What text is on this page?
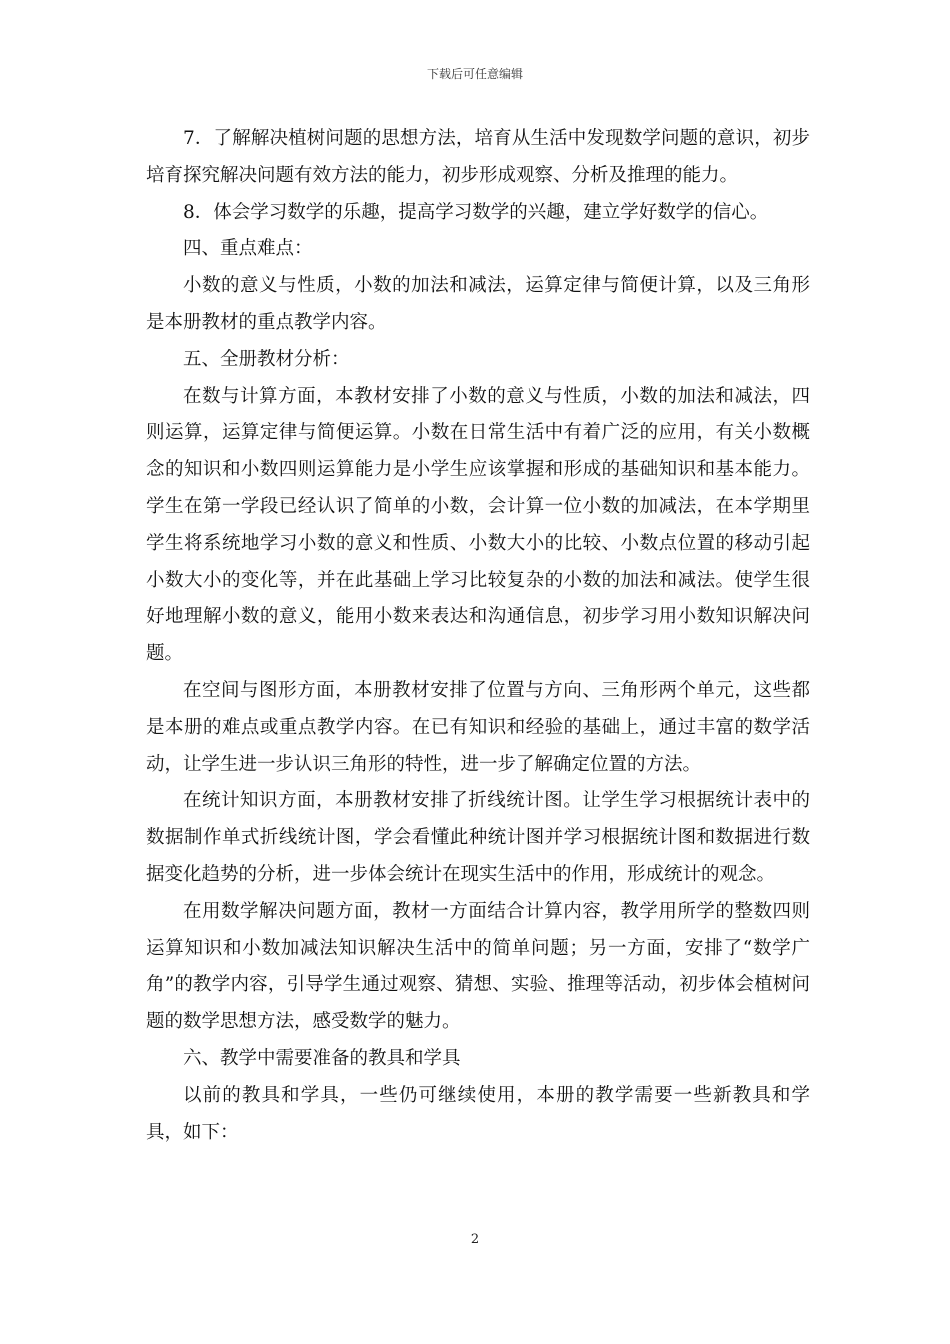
下载后可任意编辑

7．了解解决植树问题的思想方法，培育从生活中发现数学问题的意识，初步培育探究解决问题有效方法的能力，初步形成观察、分析及推理的能力。

8．体会学习数学的乐趣，提高学习数学的兴趣，建立学好数学的信心。

四、重点难点：

小数的意义与性质，小数的加法和减法，运算定律与简便计算，以及三角形是本册教材的重点教学内容。

五、全册教材分析：

在数与计算方面，本教材安排了小数的意义与性质，小数的加法和减法，四则运算，运算定律与简便运算。小数在日常生活中有着广泛的应用，有关小数概念的知识和小数四则运算能力是小学生应该掌握和形成的基础知识和基本能力。学生在第一学段已经认识了简单的小数，会计算一位小数的加减法，在本学期里学生将系统地学习小数的意义和性质、小数大小的比较、小数点位置的移动引起小数大小的变化等，并在此基础上学习比较复杂的小数的加法和减法。使学生很好地理解小数的意义，能用小数来表达和沟通信息，初步学习用小数知识解决问题。

在空间与图形方面，本册教材安排了位置与方向、三角形两个单元，这些都是本册的难点或重点教学内容。在已有知识和经验的基础上，通过丰富的数学活动，让学生进一步认识三角形的特性，进一步了解确定位置的方法。

在统计知识方面，本册教材安排了折线统计图。让学生学习根据统计表中的数据制作单式折线统计图，学会看懂此种统计图并学习根据统计图和数据进行数据变化趋势的分析，进一步体会统计在现实生活中的作用，形成统计的观念。

在用数学解决问题方面，教材一方面结合计算内容，教学用所学的整数四则运算知识和小数加减法知识解决生活中的简单问题；另一方面，安排了“数学广角”的教学内容，引导学生通过观察、猜想、实验、推理等活动，初步体会植树问题的数学思想方法，感受数学的魅力。

六、教学中需要准备的教具和学具

以前的教具和学具，一些仍可继续使用，本册的教学需要一些新教具和学具，如下：

2
